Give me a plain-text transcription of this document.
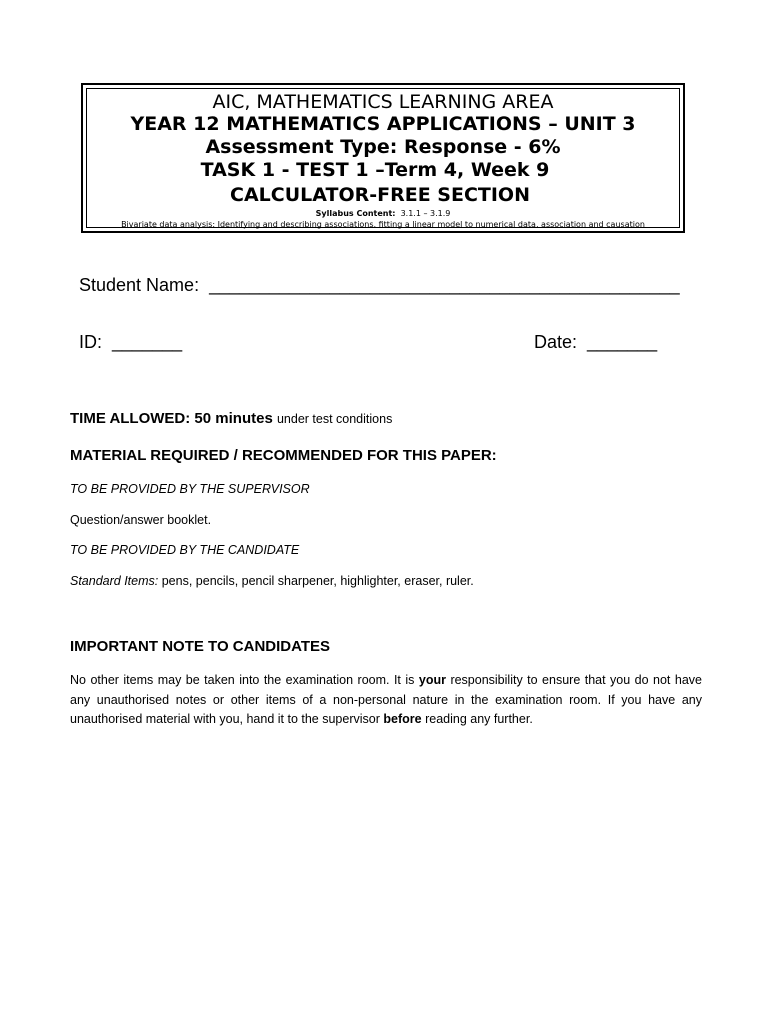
AIC, MATHEMATICS LEARNING AREA
YEAR 12 MATHEMATICS APPLICATIONS – UNIT 3
Assessment Type: Response - 6%
TASK 1 - TEST 1 –Term 4, Week 9
CALCULATOR-FREE SECTION
Syllabus Content: 3.1.1 – 3.1.9
Bivariate data analysis: Identifying and describing associations, fitting a linear model to numerical data, association and causation
Student Name: _______________________________________________
ID: _______	Date: _______
TIME ALLOWED: 50 minutes under test conditions
MATERIAL REQUIRED / RECOMMENDED FOR THIS PAPER:
TO BE PROVIDED BY THE SUPERVISOR
Question/answer booklet.
TO BE PROVIDED BY THE CANDIDATE
Standard Items: pens, pencils, pencil sharpener, highlighter, eraser, ruler.
IMPORTANT NOTE TO CANDIDATES
No other items may be taken into the examination room. It is your responsibility to ensure that you do not have any unauthorised notes or other items of a non-personal nature in the examination room. If you have any unauthorised material with you, hand it to the supervisor before reading any further.
